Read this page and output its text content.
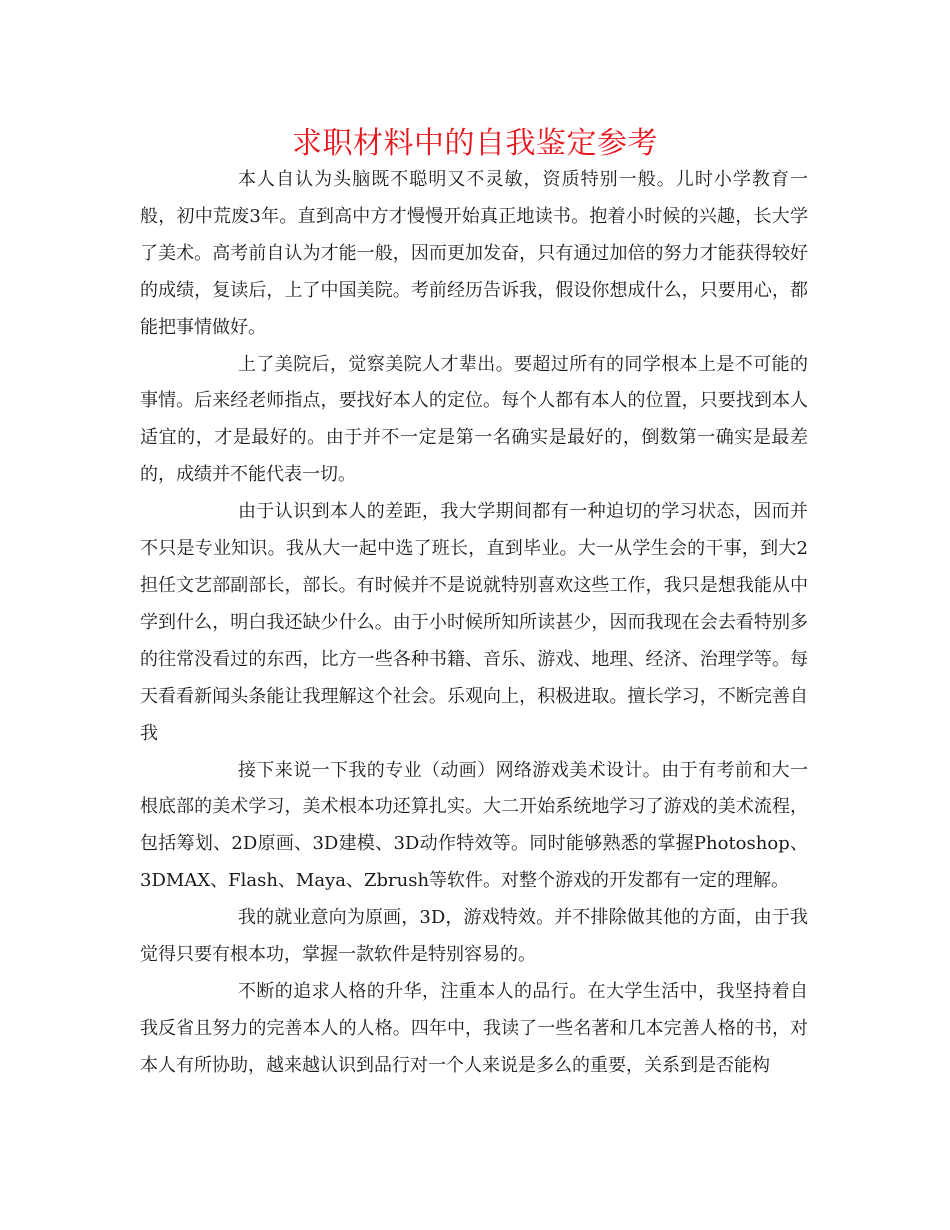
求职材料中的自我鉴定参考

本人自认为头脑既不聪明又不灵敏，资质特别一般。儿时小学教育一般，初中荒废3年。直到高中方才慢慢开始真正地读书。抱着小时候的兴趣，长大学了美术。高考前自认为才能一般，因而更加发奋，只有通过加倍的努力才能获得较好的成绩，复读后，上了中国美院。考前经历告诉我，假设你想成什么，只要用心，都能把事情做好。

上了美院后，觉察美院人才辈出。要超过所有的同学根本上是不可能的事情。后来经老师指点，要找好本人的定位。每个人都有本人的位置，只要找到本人适宜的，才是最好的。由于并不一定是第一名确实是最好的，倒数第一确实是最差的，成绩并不能代表一切。

由于认识到本人的差距，我大学期间都有一种迫切的学习状态，因而并不只是专业知识。我从大一起中选了班长，直到毕业。大一从学生会的干事，到大2担任文艺部副部长，部长。有时候并不是说就特别喜欢这些工作，我只是想我能从中学到什么，明白我还缺少什么。由于小时候所知所读甚少，因而我现在会去看特别多的往常没看过的东西，比方一些各种书籍、音乐、游戏、地理、经济、治理学等。每天看看新闻头条能让我理解这个社会。乐观向上，积极进取。擅长学习，不断完善自我

接下来说一下我的专业（动画）网络游戏美术设计。由于有考前和大一根底部的美术学习，美术根本功还算扎实。大二开始系统地学习了游戏的美术流程，包括筹划、2D原画、3D建模、3D动作特效等。同时能够熟悉的掌握Photoshop、3DMAX、Flash、Maya、Zbrush等软件。对整个游戏的开发都有一定的理解。

我的就业意向为原画，3D，游戏特效。并不排除做其他的方面，由于我觉得只要有根本功，掌握一款软件是特别容易的。

不断的追求人格的升华，注重本人的品行。在大学生活中，我坚持着自我反省且努力的完善本人的人格。四年中，我读了一些名著和几本完善人格的书，对本人有所协助，越来越认识到品行对一个人来说是多么的重要，关系到是否能构
